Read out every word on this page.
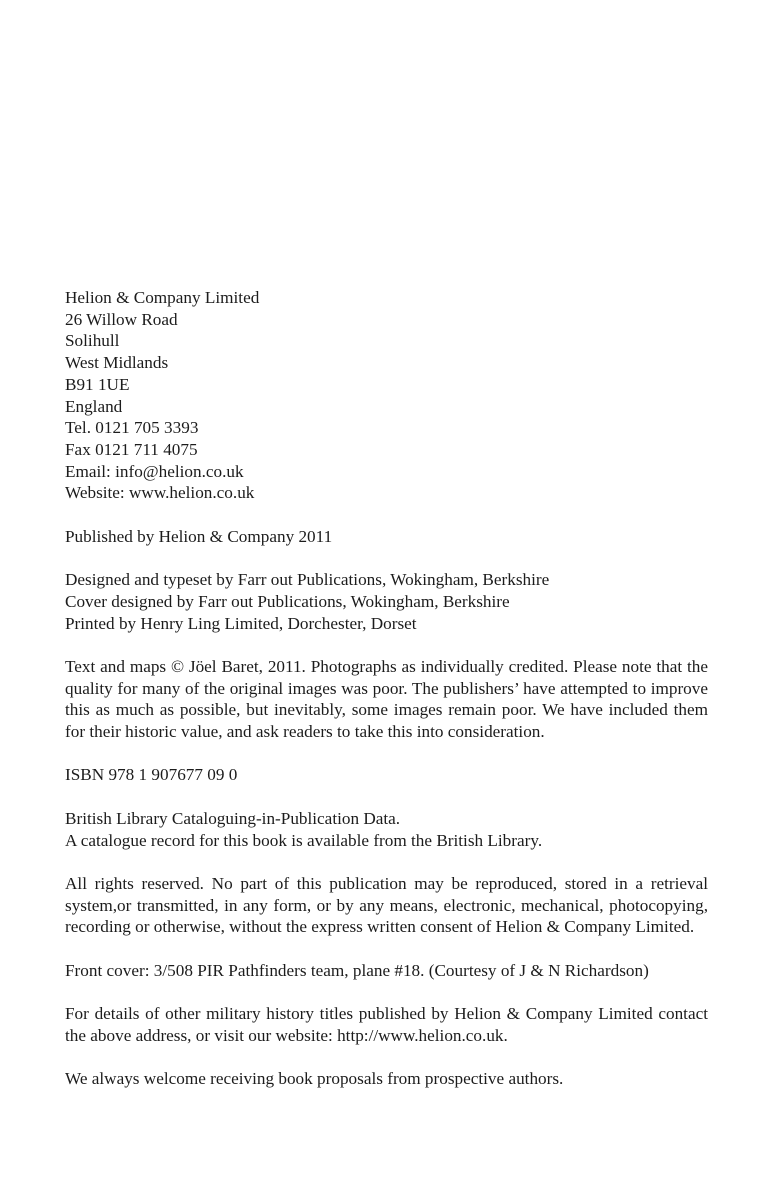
Helion & Company Limited
26 Willow Road
Solihull
West Midlands
B91 1UE
England
Tel. 0121 705 3393
Fax 0121 711 4075
Email: info@helion.co.uk
Website: www.helion.co.uk
Published by Helion & Company 2011
Designed and typeset by Farr out Publications, Wokingham, Berkshire
Cover designed by Farr out Publications, Wokingham, Berkshire
Printed by Henry Ling Limited, Dorchester, Dorset
Text and maps © Jöel Baret, 2011. Photographs as individually credited. Please note that the quality for many of the original images was poor. The publishers’ have attempted to improve this as much as possible, but inevitably, some images remain poor. We have included them for their historic value, and ask readers to take this into consideration.
ISBN 978 1 907677 09 0
British Library Cataloguing-in-Publication Data.
A catalogue record for this book is available from the British Library.
All rights reserved. No part of this publication may be reproduced, stored in a retrieval system,or transmitted, in any form, or by any means, electronic, mechanical, photocopying, recording or otherwise, without the express written consent of Helion & Company Limited.
Front cover: 3/508 PIR Pathfinders team, plane #18. (Courtesy of J & N Richardson)
For details of other military history titles published by Helion & Company Limited contact the above address, or visit our website: http://www.helion.co.uk.
We always welcome receiving book proposals from prospective authors.
